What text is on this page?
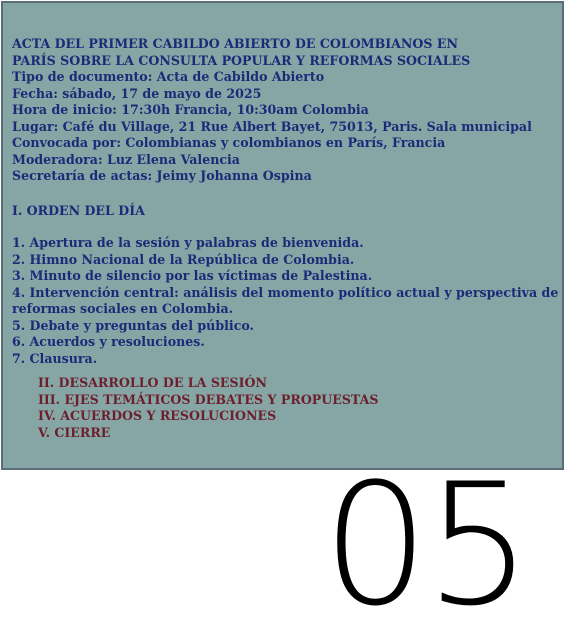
ACTA DEL PRIMER CABILDO ABIERTO DE COLOMBIANOS EN
PARÍS SOBRE LA CONSULTA POPULAR Y REFORMAS SOCIALES
Tipo de documento: Acta de Cabildo Abierto
Fecha: sábado, 17 de mayo de 2025
Hora de inicio: 17:30h Francia, 10:30am Colombia
Lugar: Café du Village, 21 Rue Albert Bayet, 75013, Paris. Sala municipal
Convocada por: Colombianas y colombianos en París, Francia
Moderadora: Luz Elena Valencia
Secretaría de actas: Jeimy Johanna Ospina
I. ORDEN DEL DÍA
1. Apertura de la sesión y palabras de bienvenida.
2. Himno Nacional de la República de Colombia.
3. Minuto de silencio por las víctimas de Palestina.
4. Intervención central: análisis del momento político actual y perspectiva de
reformas sociales en Colombia.
5. Debate y preguntas del público.
6. Acuerdos y resoluciones.
7. Clausura.
II. DESARROLLO DE LA SESIÓN
III. EJES TEMÁTICOS DEBATES Y PROPUESTAS
IV. ACUERDOS Y RESOLUCIONES
V. CIERRE
05
